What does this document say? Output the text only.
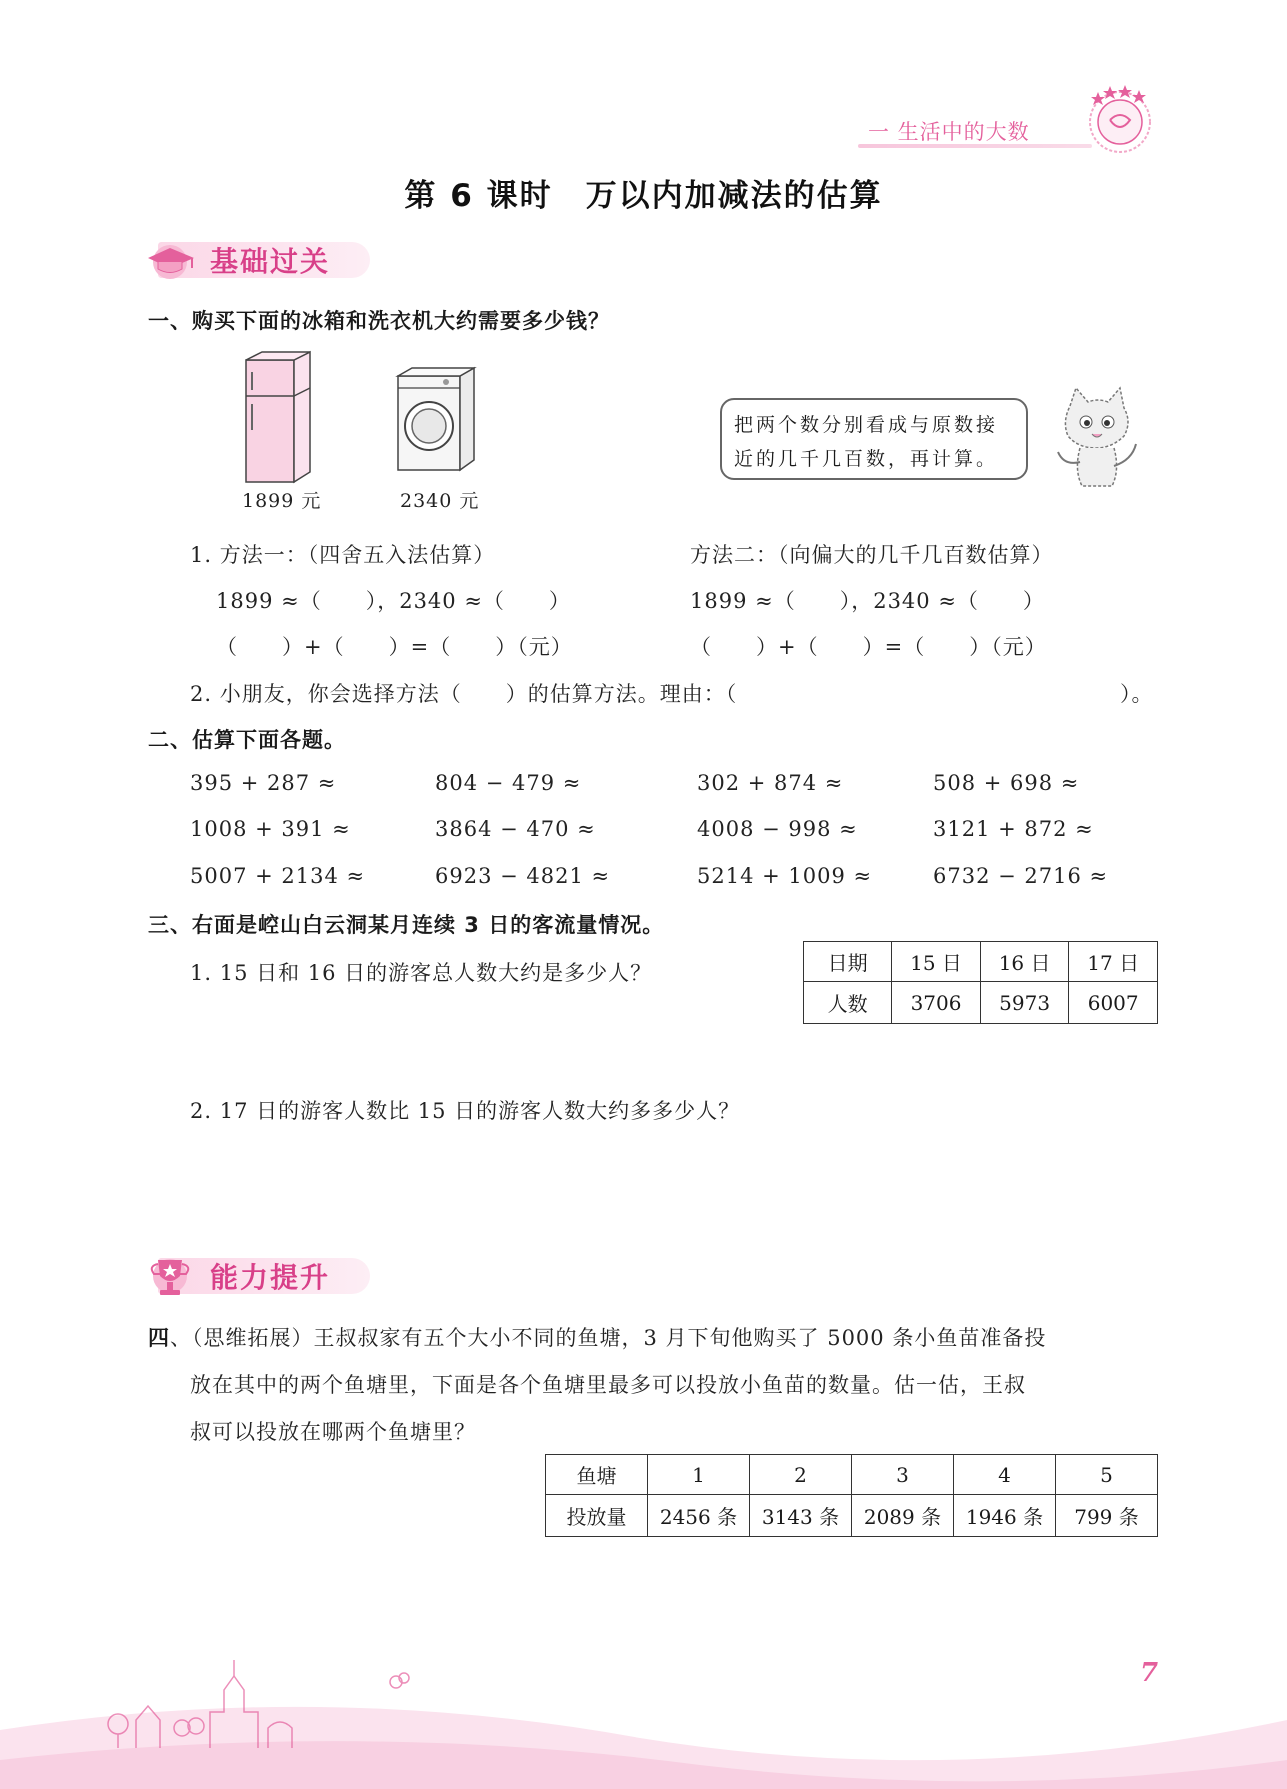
一 生活中的大数
第 6 课时　万以内加减法的估算
基础过关
一、购买下面的冰箱和洗衣机大约需要多少钱？
1899 元	2340 元
把两个数分别看成与原数接
近的几千几百数，再计算。
1. 方法一：（四舍五入法估算）
1899 ≈（　　），2340 ≈（　　）
（　　）+（　　）=（　　）（元）
方法二：（向偏大的几千几百数估算）
1899 ≈（　　），2340 ≈（　　）
（　　）+（　　）=（　　）（元）
2. 小朋友，你会选择方法（　　）的估算方法。理由：（	）。
二、估算下面各题。
395 + 287 ≈	804 − 479 ≈	302 + 874 ≈	508 + 698 ≈
1008 + 391 ≈	3864 − 470 ≈	4008 − 998 ≈	3121 + 872 ≈
5007 + 2134 ≈	6923 − 4821 ≈	5214 + 1009 ≈	6732 − 2716 ≈
三、右面是崆山白云洞某月连续 3 日的客流量情况。
1. 15 日和 16 日的游客总人数大约是多少人？	日期	15 日	16 日	17 日
人数	3706	5973	6007
2. 17 日的游客人数比 15 日的游客人数大约多多少人？
能力提升
四、（思维拓展）王叔叔家有五个大小不同的鱼塘，3 月下旬他购买了 5000 条小鱼苗准备投
放在其中的两个鱼塘里，下面是各个鱼塘里最多可以投放小鱼苗的数量。估一估，王叔
叔可以投放在哪两个鱼塘里？
鱼塘	1	2	3	4	5
投放量	2456 条	3143 条	2089 条	1946 条	799 条
7
